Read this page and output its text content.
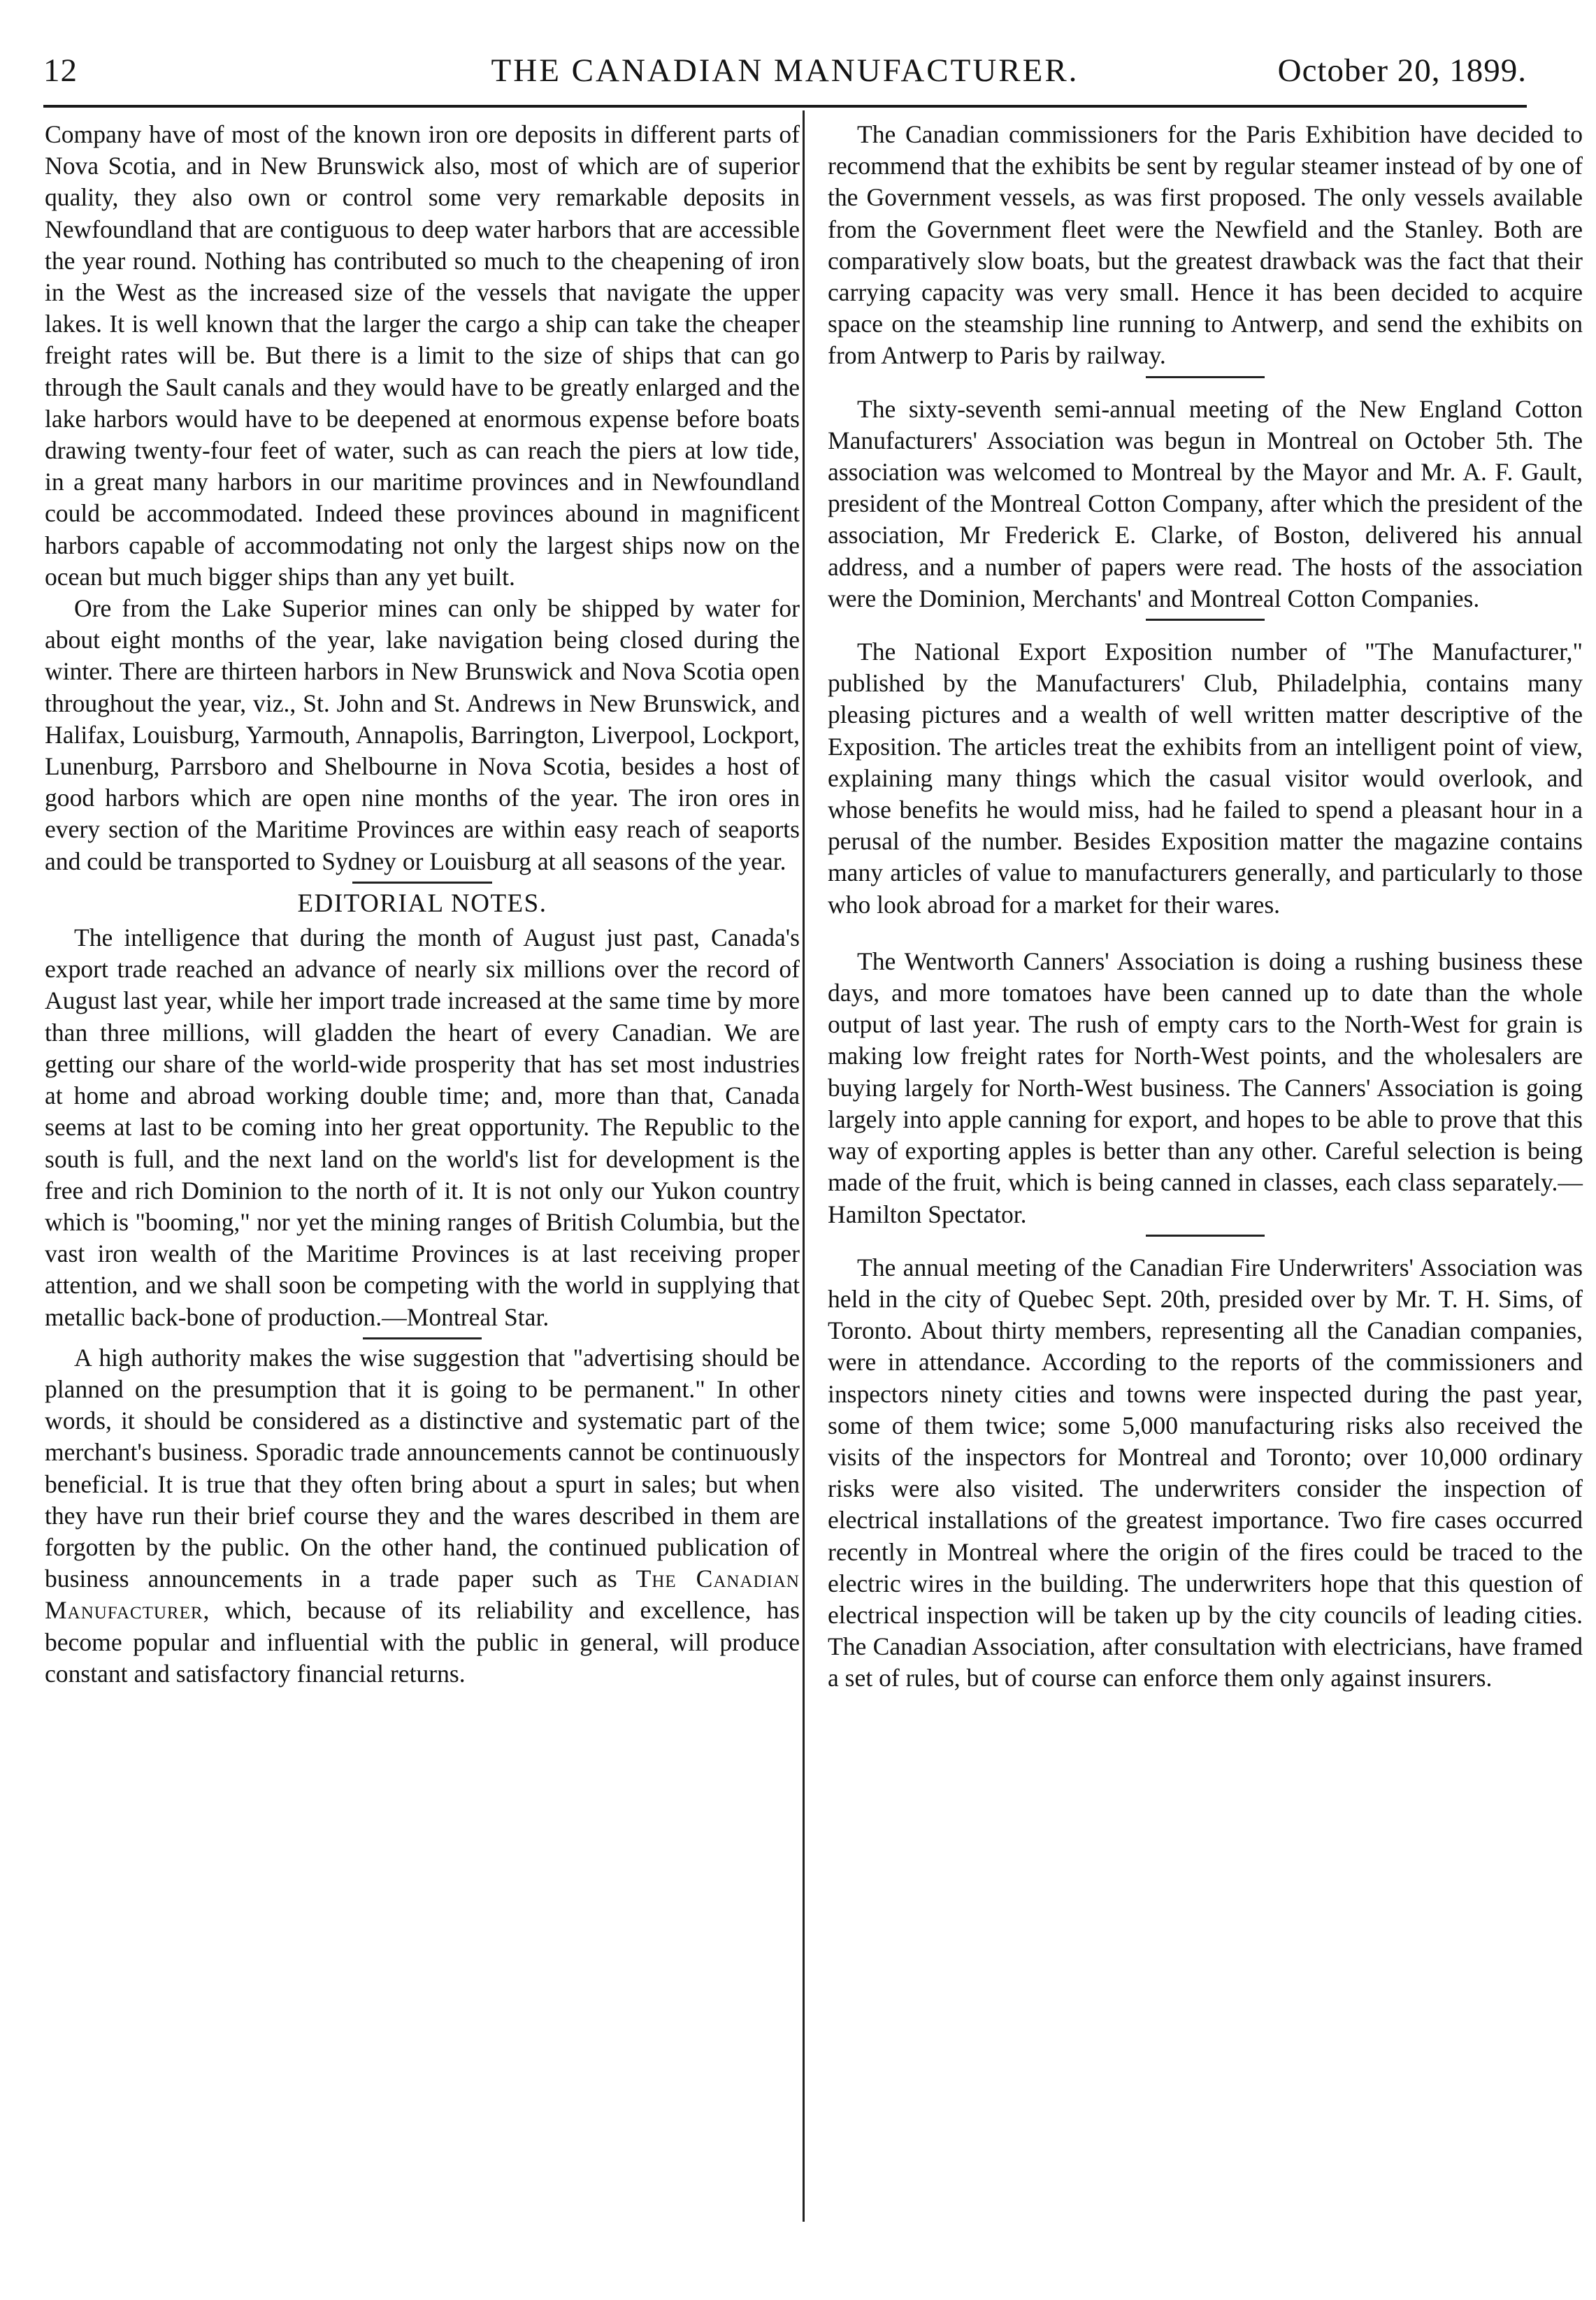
12	THE CANADIAN MANUFACTURER.	October 20, 1899.

Company have of most of the known iron ore deposits in different parts of Nova Scotia, and in New Brunswick also, most of which are of superior quality, they also own or control some very remarkable deposits in Newfoundland that are contiguous to deep water harbors that are accessible the year round. Nothing has contributed so much to the cheapening of iron in the West as the increased size of the vessels that navigate the upper lakes. It is well known that the larger the cargo a ship can take the cheaper freight rates will be. But there is a limit to the size of ships that can go through the Sault canals and they would have to be greatly enlarged and the lake harbors would have to be deepened at enormous expense before boats drawing twenty-four feet of water, such as can reach the piers at low tide, in a great many harbors in our maritime provinces and in Newfoundland could be accommodated. Indeed these provinces abound in magnificent harbors capable of accommodating not only the largest ships now on the ocean but much bigger ships than any yet built.

Ore from the Lake Superior mines can only be shipped by water for about eight months of the year, lake navigation being closed during the winter. There are thirteen harbors in New Brunswick and Nova Scotia open throughout the year, viz., St. John and St. Andrews in New Brunswick, and Halifax, Louisburg, Yarmouth, Annapolis, Barrington, Liverpool, Lockport, Lunenburg, Parrsboro and Shelbourne in Nova Scotia, besides a host of good harbors which are open nine months of the year. The iron ores in every section of the Maritime Provinces are within easy reach of seaports and could be transported to Sydney or Louisburg at all seasons of the year.

EDITORIAL NOTES.

The intelligence that during the month of August just past, Canada's export trade reached an advance of nearly six millions over the record of August last year, while her import trade increased at the same time by more than three millions, will gladden the heart of every Canadian. We are getting our share of the world-wide prosperity that has set most industries at home and abroad working double time; and, more than that, Canada seems at last to be coming into her great opportunity. The Republic to the south is full, and the next land on the world's list for development is the free and rich Dominion to the north of it. It is not only our Yukon country which is "booming," nor yet the mining ranges of British Columbia, but the vast iron wealth of the Maritime Provinces is at last receiving proper attention, and we shall soon be competing with the world in supplying that metallic back-bone of production.—Montreal Star.

A high authority makes the wise suggestion that "advertising should be planned on the presumption that it is going to be permanent." In other words, it should be considered as a distinctive and systematic part of the merchant's business. Sporadic trade announcements cannot be continuously beneficial. It is true that they often bring about a spurt in sales; but when they have run their brief course they and the wares described in them are forgotten by the public. On the other hand, the continued publication of business announcements in a trade paper such as The Canadian Manufacturer, which, because of its reliability and excellence, has become popular and influential with the public in general, will produce constant and satisfactory financial returns.

The Canadian commissioners for the Paris Exhibition have decided to recommend that the exhibits be sent by regular steamer instead of by one of the Government vessels, as was first proposed. The only vessels available from the Government fleet were the Newfield and the Stanley. Both are comparatively slow boats, but the greatest drawback was the fact that their carrying capacity was very small. Hence it has been decided to acquire space on the steamship line running to Antwerp, and send the exhibits on from Antwerp to Paris by railway.

The sixty-seventh semi-annual meeting of the New England Cotton Manufacturers' Association was begun in Montreal on October 5th. The association was welcomed to Montreal by the Mayor and Mr. A. F. Gault, president of the Montreal Cotton Company, after which the president of the association, Mr Frederick E. Clarke, of Boston, delivered his annual address, and a number of papers were read. The hosts of the association were the Dominion, Merchants' and Montreal Cotton Companies.

The National Export Exposition number of "The Manufacturer," published by the Manufacturers' Club, Philadelphia, contains many pleasing pictures and a wealth of well written matter descriptive of the Exposition. The articles treat the exhibits from an intelligent point of view, explaining many things which the casual visitor would overlook, and whose benefits he would miss, had he failed to spend a pleasant hour in a perusal of the number. Besides Exposition matter the magazine contains many articles of value to manufacturers generally, and particularly to those who look abroad for a market for their wares.

The Wentworth Canners' Association is doing a rushing business these days, and more tomatoes have been canned up to date than the whole output of last year. The rush of empty cars to the North-West for grain is making low freight rates for North-West points, and the wholesalers are buying largely for North-West business. The Canners' Association is going largely into apple canning for export, and hopes to be able to prove that this way of exporting apples is better than any other. Careful selection is being made of the fruit, which is being canned in classes, each class separately.—Hamilton Spectator.

The annual meeting of the Canadian Fire Underwriters' Association was held in the city of Quebec Sept. 20th, presided over by Mr. T. H. Sims, of Toronto. About thirty members, representing all the Canadian companies, were in attendance. According to the reports of the commissioners and inspectors ninety cities and towns were inspected during the past year, some of them twice; some 5,000 manufacturing risks also received the visits of the inspectors for Montreal and Toronto; over 10,000 ordinary risks were also visited. The underwriters consider the inspection of electrical installations of the greatest importance. Two fire cases occurred recently in Montreal where the origin of the fires could be traced to the electric wires in the building. The underwriters hope that this question of electrical inspection will be taken up by the city councils of leading cities. The Canadian Association, after consultation with electricians, have framed a set of rules, but of course can enforce them only against insurers.
